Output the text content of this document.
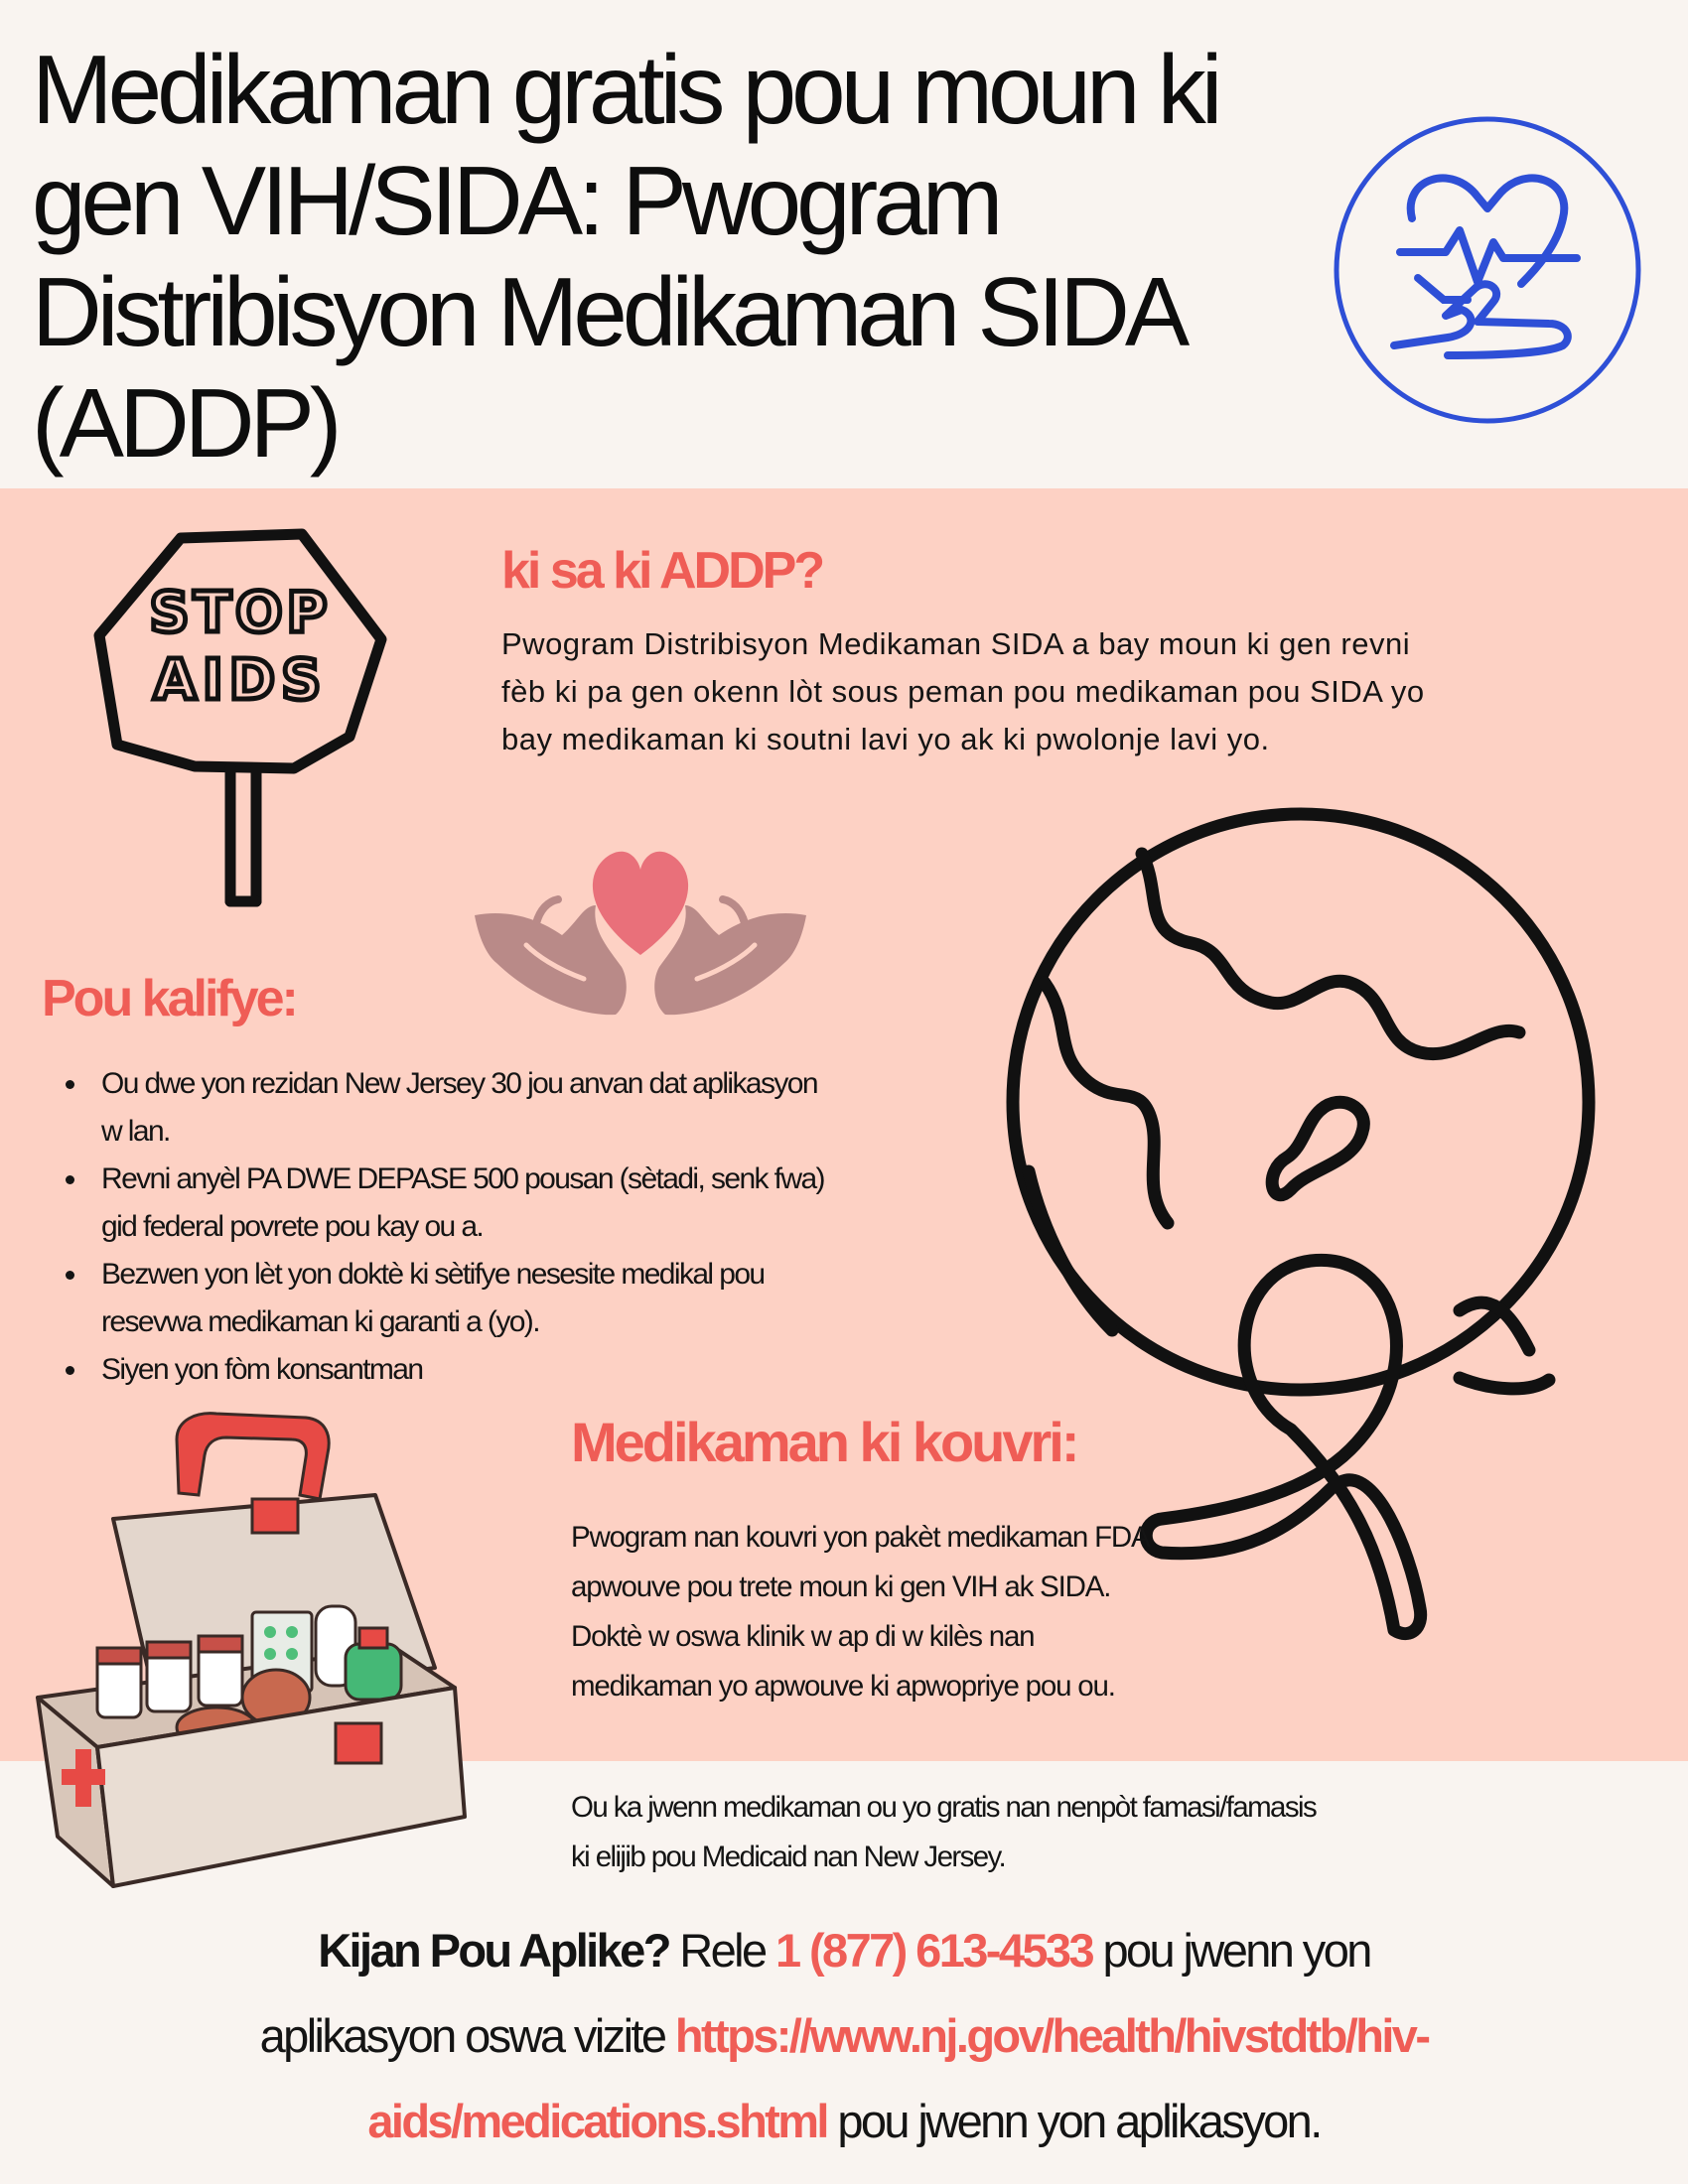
Medikaman gratis pou moun ki
gen VIH/SIDA: Pwogram
Distribisyon Medikaman SIDA
(ADDP)
STOP
AIDS
ki sa ki ADDP?
Pwogram Distribisyon Medikaman SIDA a bay moun ki gen revni
fèb ki pa gen okenn lòt sous peman pou medikaman pou SIDA yo
bay medikaman ki soutni lavi yo ak ki pwolonje lavi yo.
Pou kalifye:
Ou dwe yon rezidan New Jersey 30 jou anvan dat aplikasyon
w lan.
Revni anyèl PA DWE DEPASE 500 pousan (sètadi, senk fwa)
gid federal povrete pou kay ou a.
Bezwen yon lèt yon doktè ki sètifye nesesite medikal pou
resevwa medikaman ki garanti a (yo).
Siyen yon fòm konsantman
Medikaman ki kouvri:
Pwogram nan kouvri yon pakèt medikaman FDA
apwouve pou trete moun ki gen VIH ak SIDA.
Doktè w oswa klinik w ap di w kilès nan
medikaman yo apwouve ki apwopriye pou ou.
Ou ka jwenn medikaman ou yo gratis nan nenpòt famasi/famasis
ki elijib pou Medicaid nan New Jersey.
Kijan Pou Aplike? Rele 1 (877) 613-4533 pou jwenn yon
aplikasyon oswa vizite https://www.nj.gov/health/hivstdtb/hiv-
aids/medications.shtml pou jwenn yon aplikasyon.
